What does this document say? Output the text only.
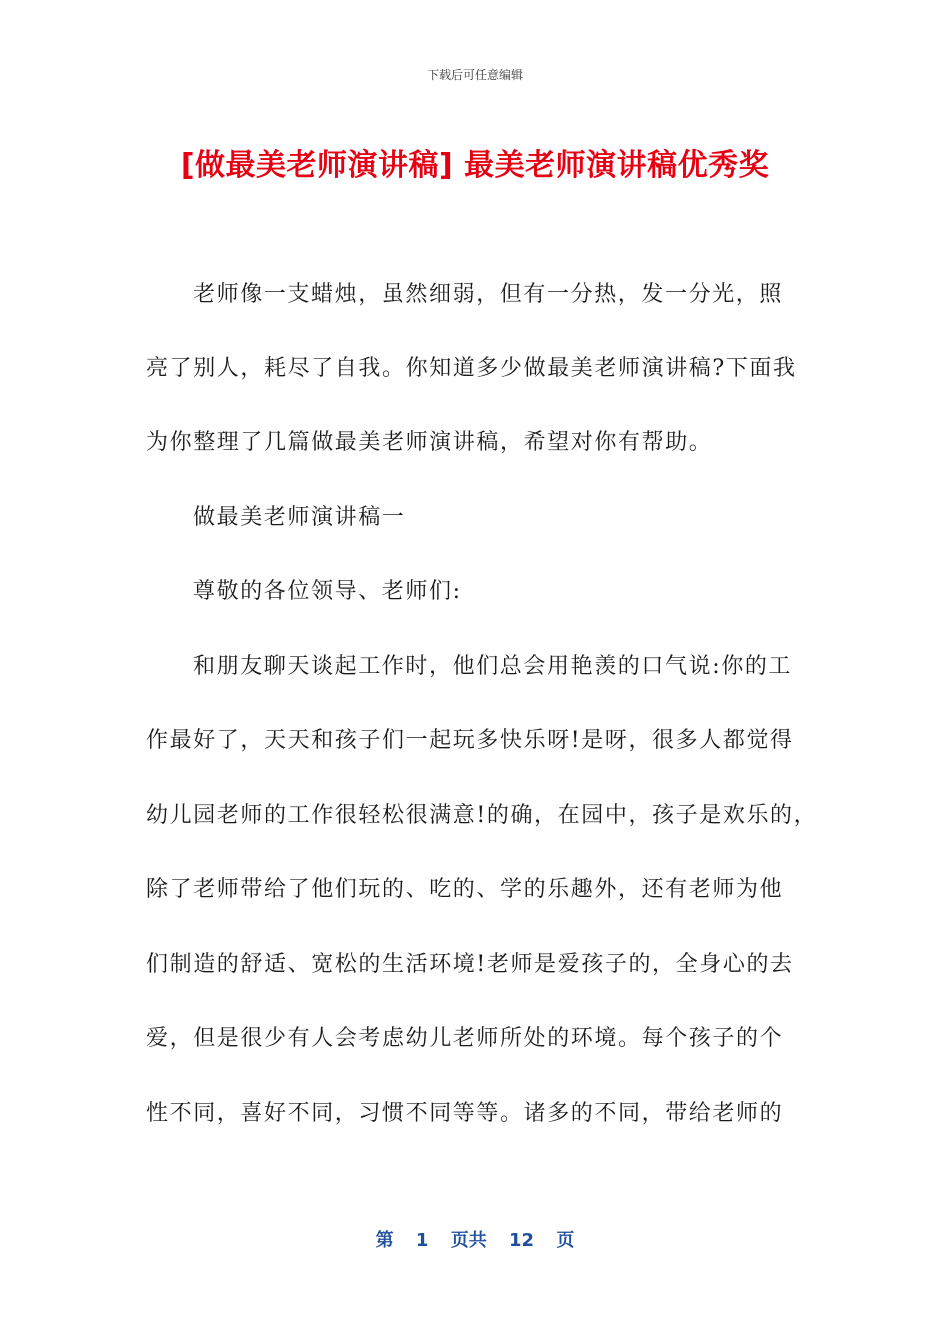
下载后可任意编辑
[做最美老师演讲稿] 最美老师演讲稿优秀奖
老师像一支蜡烛，虽然细弱，但有一分热，发一分光，照
亮了别人，耗尽了自我。你知道多少做最美老师演讲稿?下面我
为你整理了几篇做最美老师演讲稿，希望对你有帮助。
做最美老师演讲稿一
尊敬的各位领导、老师们:
和朋友聊天谈起工作时，他们总会用艳羡的口气说:你的工
作最好了，天天和孩子们一起玩多快乐呀!是呀，很多人都觉得
幼儿园老师的工作很轻松很满意!的确，在园中，孩子是欢乐的，
除了老师带给了他们玩的、吃的、学的乐趣外，还有老师为他
们制造的舒适、宽松的生活环境!老师是爱孩子的，全身心的去
爱，但是很少有人会考虑幼儿老师所处的环境。每个孩子的个
性不同，喜好不同，习惯不同等等。诸多的不同，带给老师的
第 1 页共 12 页
